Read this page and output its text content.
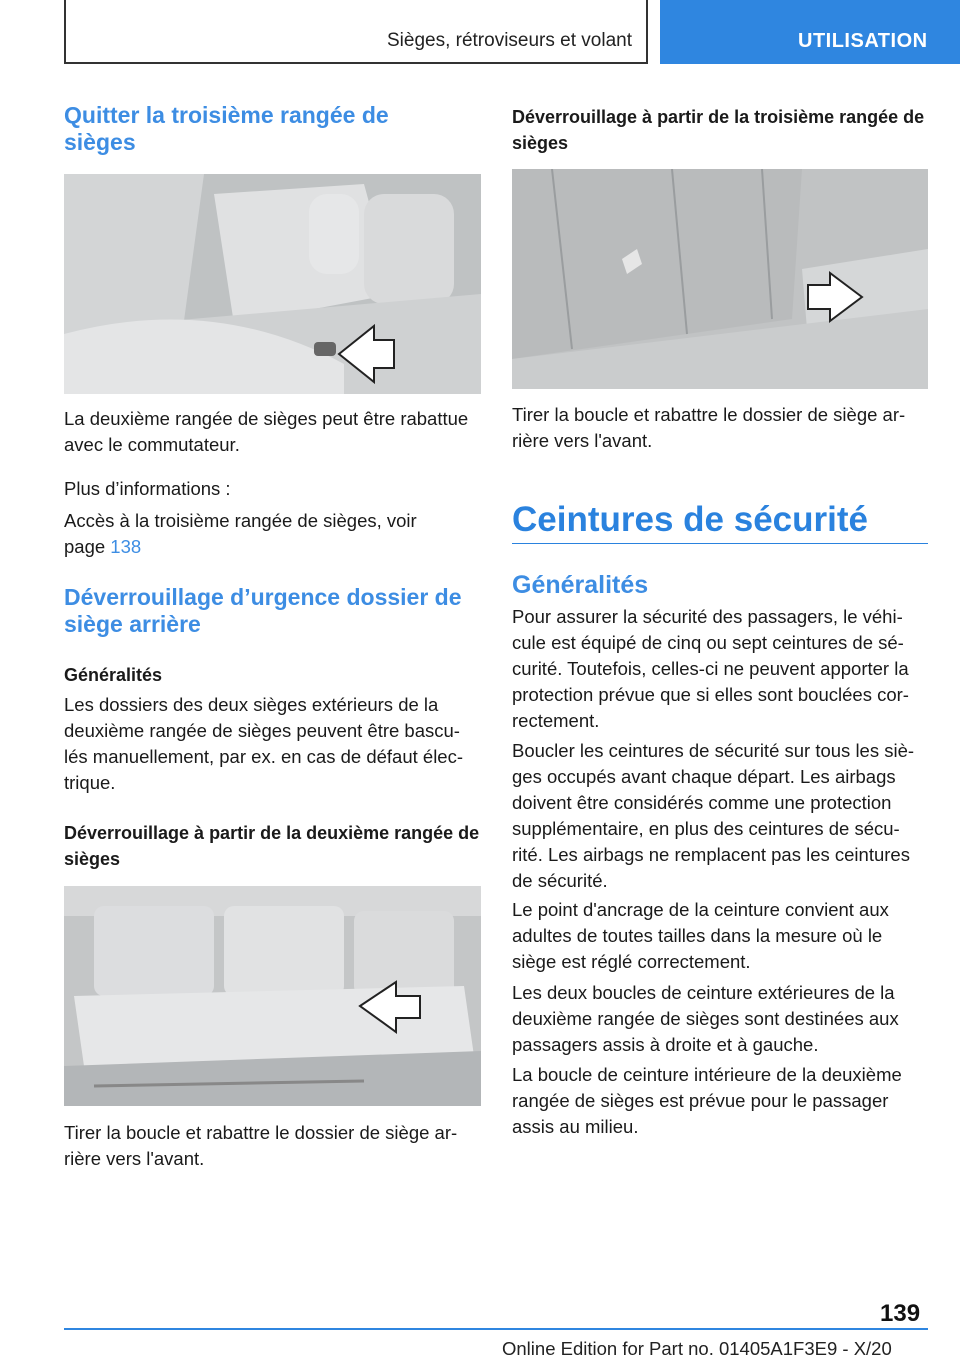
Sièges, rétroviseurs et volant	UTILISATION
Quitter la troisième rangée de sièges

La deuxième rangée de sièges peut être rabattue avec le commutateur.

Plus d’informations :

Accès à la troisième rangée de sièges, voir page 138

Déverrouillage d’urgence dossier de siège arrière
Généralités

Les dossiers des deux sièges extérieurs de la deuxième rangée de sièges peuvent être bascu-lés manuellement, par ex. en cas de défaut élec-trique.

Déverrouillage à partir de la deuxième rangée de sièges

Tirer la boucle et rabattre le dossier de siège ar-rière vers l'avant.

Déverrouillage à partir de la troisième rangée de sièges

Tirer la boucle et rabattre le dossier de siège ar-rière vers l'avant.

Ceintures de sécurité
Généralités

Pour assurer la sécurité des passagers, le véhi-cule est équipé de cinq ou sept ceintures de sé-curité. Toutefois, celles-ci ne peuvent apporter la protection prévue que si elles sont bouclées cor-rectement.

Boucler les ceintures de sécurité sur tous les siè-ges occupés avant chaque départ. Les airbags doivent être considérés comme une protection supplémentaire, en plus des ceintures de sécu-rité. Les airbags ne remplacent pas les ceintures de sécurité.

Le point d'ancrage de la ceinture convient aux adultes de toutes tailles dans la mesure où le siège est réglé correctement.

Les deux boucles de ceinture extérieures de la deuxième rangée de sièges sont destinées aux passagers assis à droite et à gauche.

La boucle de ceinture intérieure de la deuxième rangée de sièges est prévue pour le passager assis au milieu.

139
Online Edition for Part no. 01405A1F3E9 - X/20
